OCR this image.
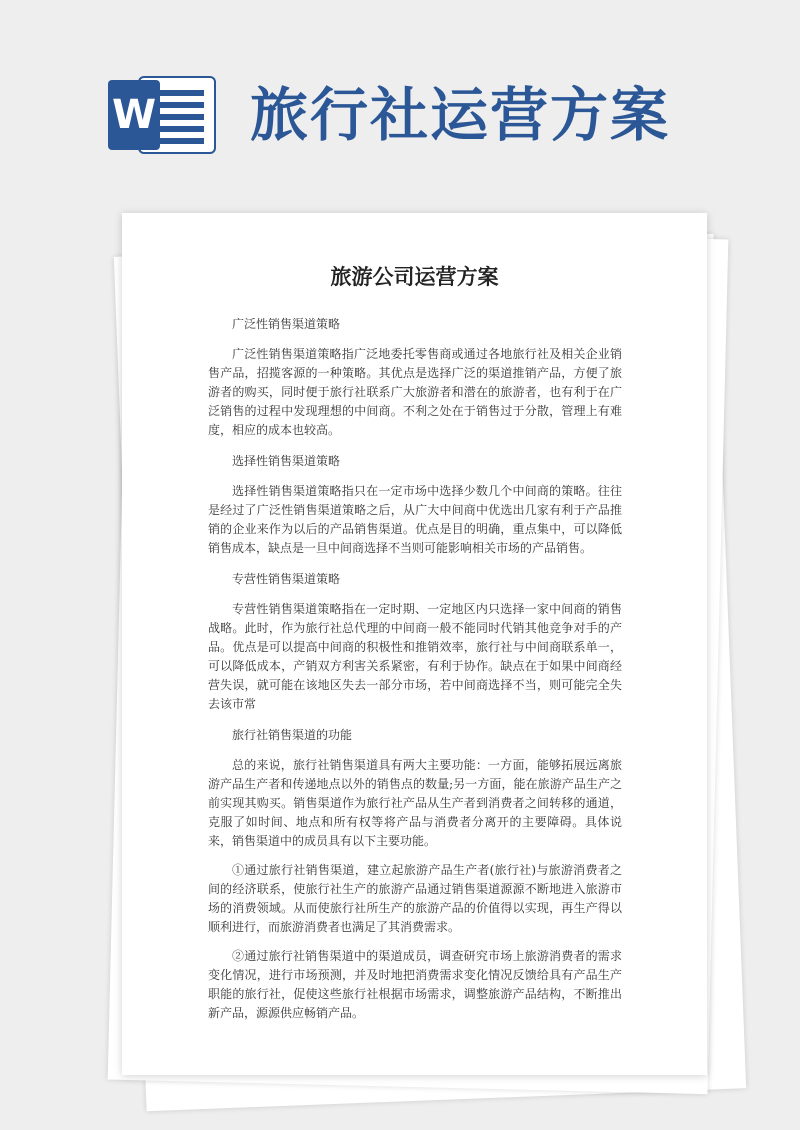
W 旅行社运营方案
旅游公司运营方案

广泛性销售渠道策略

广泛性销售渠道策略指广泛地委托零售商或通过各地旅行社及相关企业销售产品，招揽客源的一种策略。其优点是选择广泛的渠道推销产品，方便了旅游者的购买，同时便于旅行社联系广大旅游者和潜在的旅游者，也有利于在广泛销售的过程中发现理想的中间商。不利之处在于销售过于分散，管理上有难度，相应的成本也较高。

选择性销售渠道策略

选择性销售渠道策略指只在一定市场中选择少数几个中间商的策略。往往是经过了广泛性销售渠道策略之后，从广大中间商中优选出几家有利于产品推销的企业来作为以后的产品销售渠道。优点是目的明确，重点集中，可以降低销售成本，缺点是一旦中间商选择不当则可能影响相关市场的产品销售。

专营性销售渠道策略

专营性销售渠道策略指在一定时期、一定地区内只选择一家中间商的销售战略。此时，作为旅行社总代理的中间商一般不能同时代销其他竞争对手的产品。优点是可以提高中间商的积极性和推销效率，旅行社与中间商联系单一，可以降低成本，产销双方利害关系紧密，有利于协作。缺点在于如果中间商经营失误，就可能在该地区失去一部分市场，若中间商选择不当，则可能完全失去该市常

旅行社销售渠道的功能

总的来说，旅行社销售渠道具有两大主要功能：一方面，能够拓展远离旅游产品生产者和传递地点以外的销售点的数量;另一方面，能在旅游产品生产之前实现其购买。销售渠道作为旅行社产品从生产者到消费者之间转移的通道，克服了如时间、地点和所有权等将产品与消费者分离开的主要障碍。具体说来，销售渠道中的成员具有以下主要功能。

①通过旅行社销售渠道，建立起旅游产品生产者(旅行社)与旅游消费者之间的经济联系，使旅行社生产的旅游产品通过销售渠道源源不断地进入旅游市场的消费领域。从而使旅行社所生产的旅游产品的价值得以实现，再生产得以顺利进行，而旅游消费者也满足了其消费需求。

②通过旅行社销售渠道中的渠道成员，调查研究市场上旅游消费者的需求变化情况，进行市场预测，并及时地把消费需求变化情况反馈给具有产品生产职能的旅行社，促使这些旅行社根据市场需求，调整旅游产品结构，不断推出新产品，源源供应畅销产品。
